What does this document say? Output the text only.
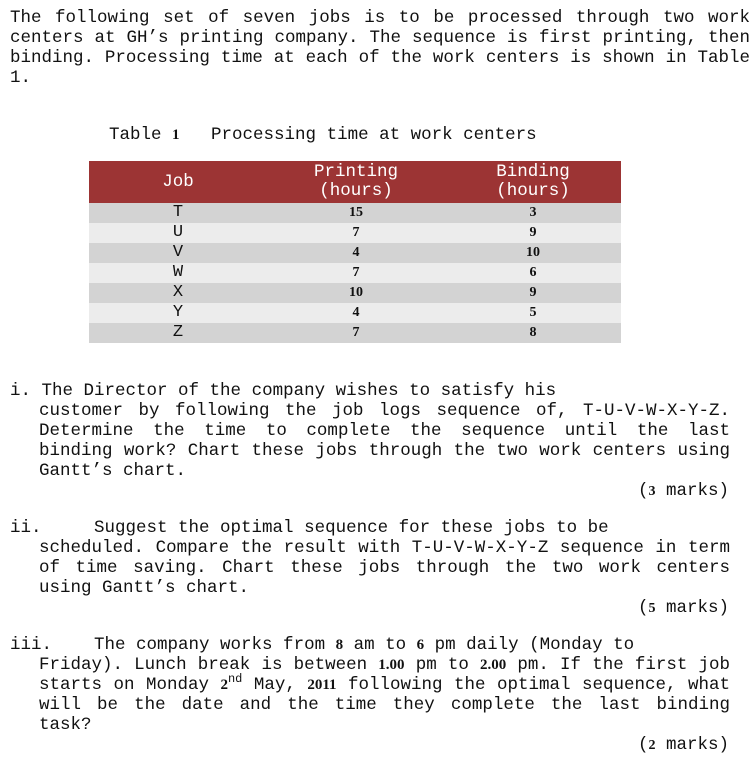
The following set of seven jobs is to be processed through two work centers at GH’s printing company. The sequence is first printing, then binding. Processing time at each of the work centers is shown in Table 1.
Table 1 Processing time at work centers
Job	Printing (hours)	Binding (hours)

T	15	3
U	7	9
V	4	10
W	7	6
X	10	9
Y	4	5
Z	7	8
i. The Director of the company wishes to satisfy his
customer by following the job logs sequence of, T-U-V-W-X-Y-Z. Determine the time to complete the sequence until the last binding work? Chart these jobs through the two work centers using Gantt’s chart.
(3 marks)
ii.	Suggest the optimal sequence for these jobs to be
scheduled. Compare the result with T-U-V-W-X-Y-Z sequence in term of time saving. Chart these jobs through the two work centers using Gantt’s chart.
(5 marks)
iii. The company works from 8 am to 6 pm daily (Monday to
Friday). Lunch break is between 1.00 pm to 2.00 pm. If the first job starts on Monday 2nd May, 2011 following the optimal sequence, what will be the date and the time they complete the last binding task?
(2 marks)
